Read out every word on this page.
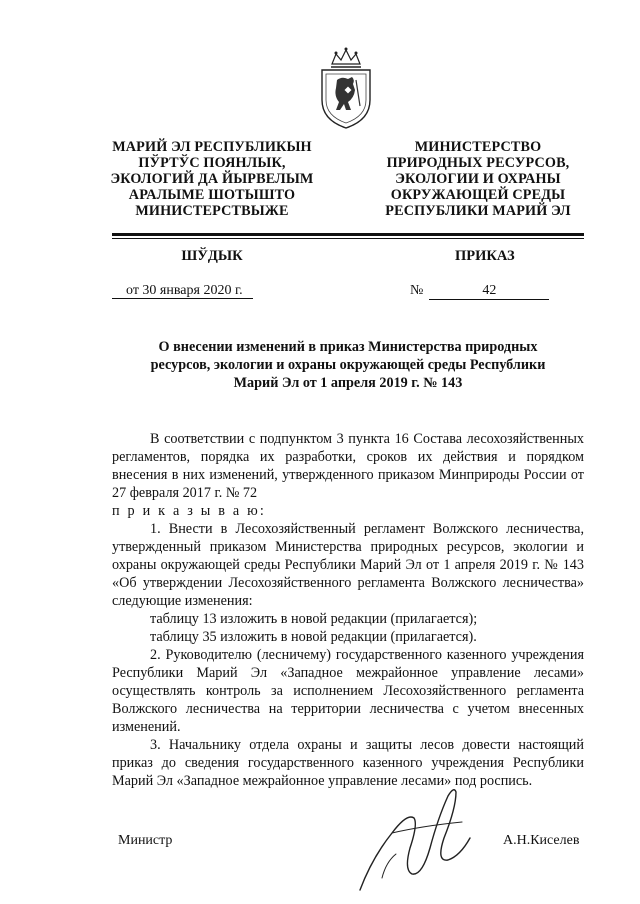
МАРИЙ ЭЛ РЕСПУБЛИКЫН
ПЎРТЎС ПОЯНЛЫК,
ЭКОЛОГИЙ ДА ЙЫРВЕЛЫМ
АРАЛЫМЕ ШОТЫШТО
МИНИСТЕРСТВЫЖЕ
МИНИСТЕРСТВО
ПРИРОДНЫХ РЕСУРСОВ,
ЭКОЛОГИИ И ОХРАНЫ
ОКРУЖАЮЩЕЙ СРЕДЫ
РЕСПУБЛИКИ МАРИЙ ЭЛ
ШЎДЫК	ПРИКАЗ
от 30 января 2020 г.	№	42
О внесении изменений в приказ Министерства природных
ресурсов, экологии и охраны окружающей среды Республики
Марий Эл от 1 апреля 2019 г. № 143

В соответствии с подпунктом 3 пункта 16 Состава лесохозяйственных регламентов, порядка их разработки, сроков их действия и порядком внесения в них изменений, утвержденного приказом Минприроды России от 27 февраля 2017 г. № 72

п р и к а з ы в а ю:

1. Внести в Лесохозяйственный регламент Волжского лесничества, утвержденный приказом Министерства природных ресурсов, экологии и охраны окружающей среды Республики Марий Эл от 1 апреля 2019 г. № 143 «Об утверждении Лесохозяйственного регламента Волжского лесничества» следующие изменения:

таблицу 13 изложить в новой редакции (прилагается);

таблицу 35 изложить в новой редакции (прилагается).

2. Руководителю (лесничему) государственного казенного учреждения Республики Марий Эл «Западное межрайонное управление лесами» осуществлять контроль за исполнением Лесохозяйственного регламента Волжского лесничества на территории лесничества с учетом внесенных изменений.

3. Начальнику отдела охраны и защиты лесов довести настоящий приказ до сведения государственного казенного учреждения Республики Марий Эл «Западное межрайонное управление лесами» под роспись.

Министр	А.Н.Киселев
